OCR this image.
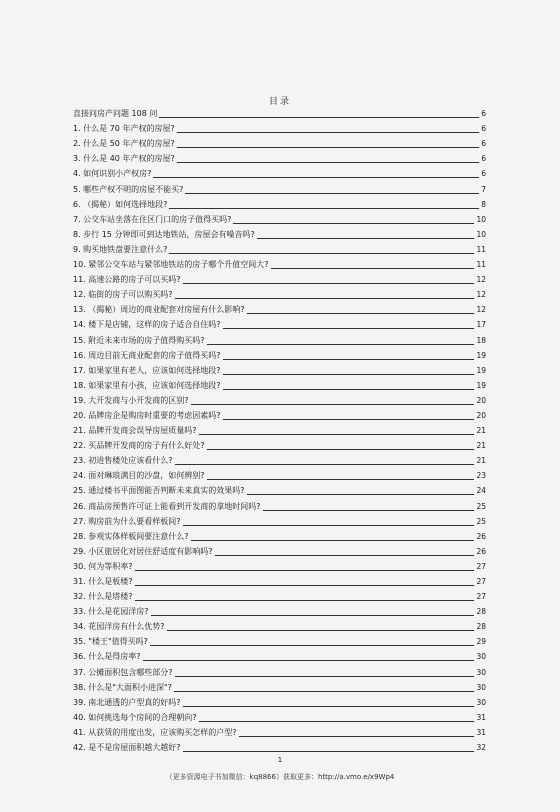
目录
直接问房产问题 108 问	6
1. 什么是 70 年产权的房屋?	6
2. 什么是 50 年产权的房屋?	6
3. 什么是 40 年产权的房屋?	6
4. 如何识别小产权房?	6
5. 哪些产权不明的房屋不能买?	7
6. （揭秘）如何选择地段?	8
7. 公交车站坐落在住区门口的房子值得买吗?	10
8. 步行 15 分钟即可到达地铁站，房屋会有噪音吗?	10
9. 购买地铁盘要注意什么?	11
10. 紧邻公交车站与紧邻地铁站的房子哪个升值空间大?	11
11. 高速公路的房子可以买吗?	12
12. 临街的房子可以购买吗?	12
13. （揭秘）周边的商业配套对房屋有什么影响?	12
14. 楼下是店铺，这样的房子适合自住吗?	17
15. 附近未来市场的房子值得购买吗?	18
16. 周边目前无商业配套的房子值得买吗?	19
17. 如果家里有老人，应该如何选择地段?	19
18. 如果家里有小孩，应该如何选择地段?	19
19. 大开发商与小开发商的区别?	20
20. 品牌房企是购房时重要的考虑因素吗?	20
21. 品牌开发商会误导房屋质量吗?	21
22. 买品牌开发商的房子有什么好处?	21
23. 初进售楼处应该看什么?	21
24. 面对琳琅满目的沙盘，如何辨别?	23
25. 通过楼书平面图能否判断未来真实的效果吗?	24
26. 商品房预售许可证上能看到开发商的拿地时间吗?	25
27. 购房前为什么要看样板间?	25
28. 参观实体样板间要注意什么?	26
29. 小区旅居化对居住舒适度有影响吗?	26
30. 何为等积率?	27
31. 什么是板楼?	27
32. 什么是塔楼?	27
33. 什么是花园洋房?	28
34. 花园洋房有什么优势?	28
35. "楼王"值得买吗?	29
36. 什么是得房率?	30
37. 公摊面积包含哪些部分?	30
38. 什么是"大面积小进深"?	30
39. 南北通透的户型真的好吗?	30
40. 如何挑选每个房间的合理朝向?	31
41. 从获赁的用度出发，应该购买怎样的户型?	31
42. 是不是房屋面积越大越好?	32
1
（更多资源电子书加微信：kq8866）获取更多：http://a.vmo.e/x9Wp4
